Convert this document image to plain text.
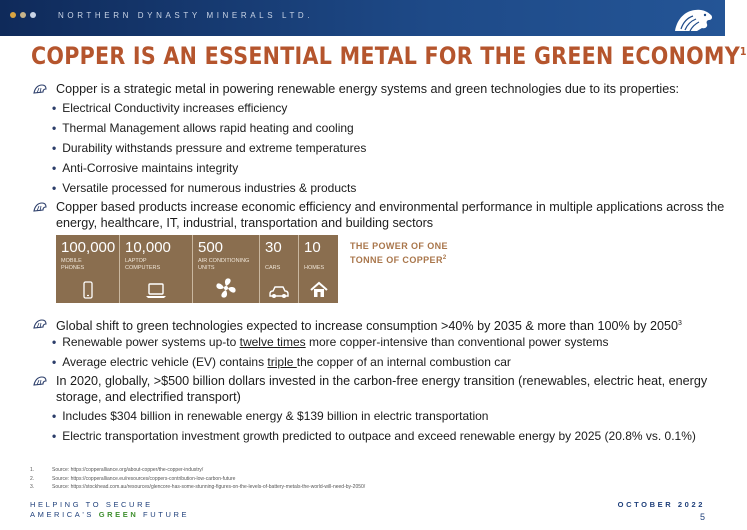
NORTHERN DYNASTY MINERALS LTD.
COPPER IS AN ESSENTIAL METAL FOR THE GREEN ECONOMY$^1$
Copper is a strategic metal in powering renewable energy systems and green technologies due to its properties:
• Electrical Conductivity increases efficiency
• Thermal Management allows rapid heating and cooling
• Durability withstands pressure and extreme temperatures
• Anti-Corrosive maintains integrity
• Versatile processed for numerous industries & products
Copper based products increase economic efficiency and environmental performance in multiple applications across the
energy, healthcare, IT, industrial, transportation and building sectors
100,000
MOBILE PHONES
10,000
LAPTOP COMPUTERS
500
AIR CONDITIONING UNITS
30
CARS
10
HOMES
THE POWER OF ONE
TONNE OF COPPER$^2$
Global shift to green technologies expected to increase consumption >40% by 2035 & more than 100% by 2050$^3$
• Renewable power systems up-to twelve times more copper-intensive than conventional power systems
• Average electric vehicle (EV) contains triple the copper of an internal combustion car
In 2020, globally, >$500 billion dollars invested in the carbon-free energy transition (renewables, electric heat, energy
storage, and electrified transport)
• Includes $304 billion in renewable energy & $139 billion in electric transportation
• Electric transportation investment growth predicted to outpace and exceed renewable energy by 2025 (20.8% vs. 0.1%)
1.	Source: https://copperalliance.org/about-copper/the-copper-industry/
2.	Source: https://copperalliance.eu/resources/coppers-contribution-low-carbon-future
3.	Source: https://stockhead.com.au/resources/glencore-has-some-stunning-figures-on-the-levels-of-battery-metals-the-world-will-need-by-2050/
HELPING TO SECURE
AMERICA'S GREEN FUTURE
OCTOBER 2022
5
